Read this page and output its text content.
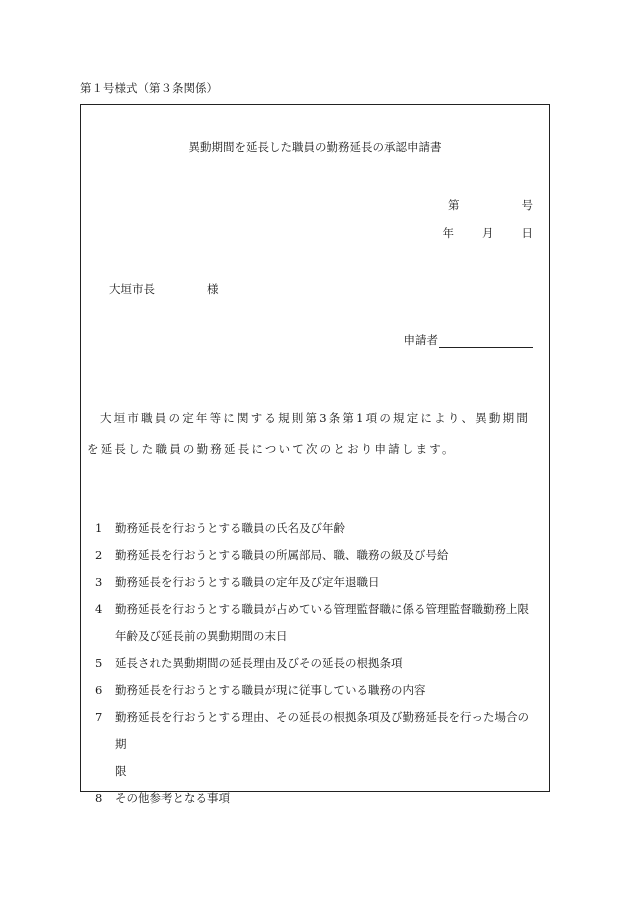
第１号様式（第３条関係）
異動期間を延長した職員の勤務延長の承認申請書
第	号
年 月 日
大垣市長	様
申請者
大垣市職員の定年等に関する規則第3条第1項の規定により、異動期間を延長した職員の勤務延長について次のとおり申請します。
1	勤務延長を行おうとする職員の氏名及び年齢
2	勤務延長を行おうとする職員の所属部局、職、職務の級及び号給
3	勤務延長を行おうとする職員の定年及び定年退職日
4	勤務延長を行おうとする職員が占めている管理監督職に係る管理監督職勤務上限
年齢及び延長前の異動期間の末日
5	延長された異動期間の延長理由及びその延長の根拠条項
6	勤務延長を行おうとする職員が現に従事している職務の内容
7	勤務延長を行おうとする理由、その延長の根拠条項及び勤務延長を行った場合の期
限
8	その他参考となる事項
